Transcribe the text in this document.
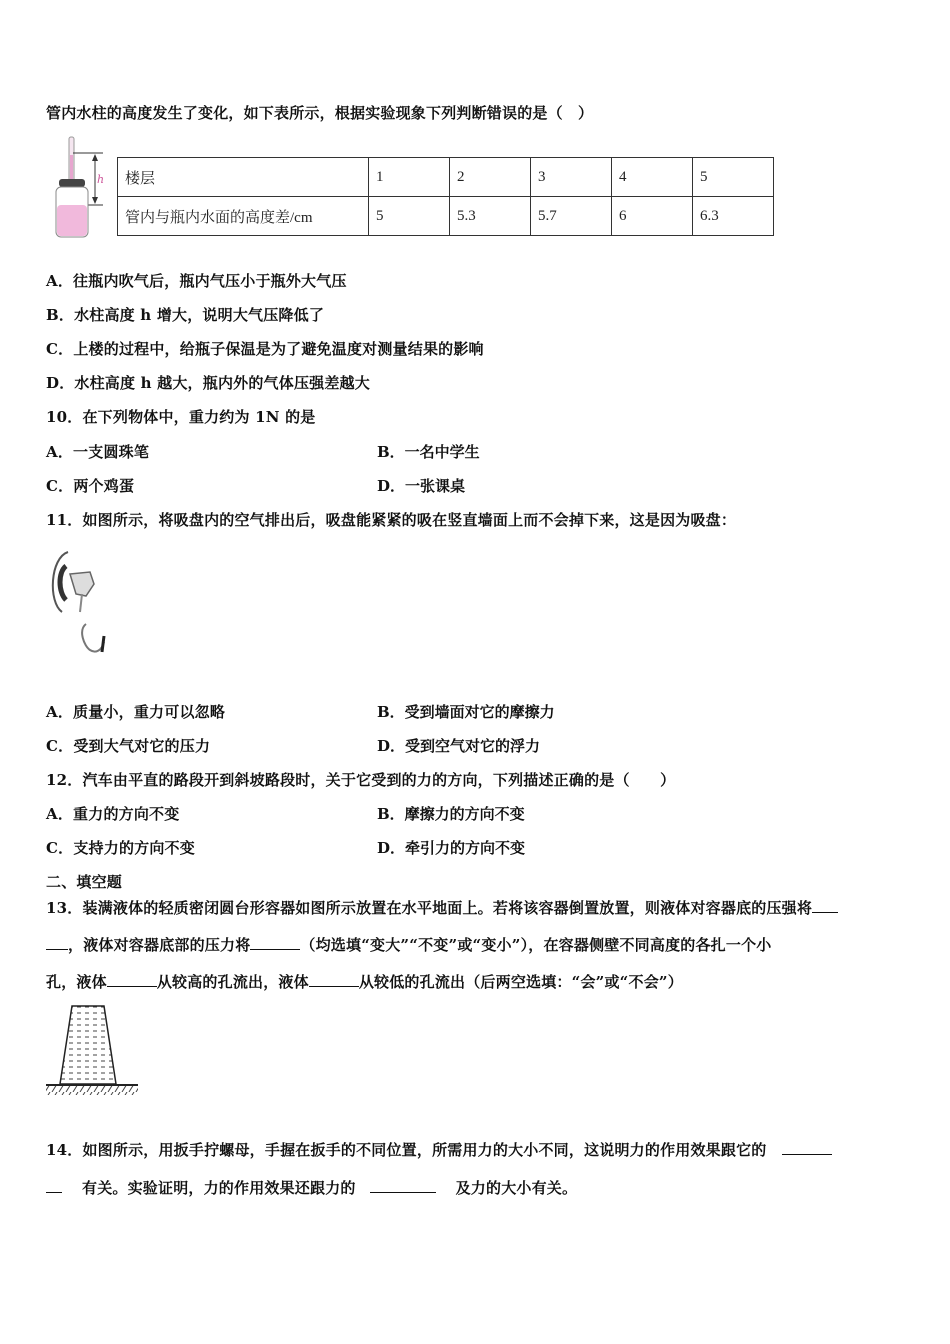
管内水柱的高度发生了变化，如下表所示，根据实验现象下列判断错误的是（　）
h 楼层	1	2	3	4	5
管内与瓶内水面的高度差/cm	5	5.3	5.7	6	6.3
A．往瓶内吹气后，瓶内气压小于瓶外大气压
B．水柱高度 h 增大，说明大气压降低了
C．上楼的过程中，给瓶子保温是为了避免温度对测量结果的影响
D．水柱高度 h 越大，瓶内外的气体压强差越大
10．在下列物体中，重力约为 1N 的是
A．一支圆珠笔	B．一名中学生
C．两个鸡蛋	D．一张课桌
11．如图所示，将吸盘内的空气排出后，吸盘能紧紧的吸在竖直墙面上而不会掉下来，这是因为吸盘：
A．质量小，重力可以忽略	B．受到墙面对它的摩擦力
C．受到大气对它的压力	D．受到空气对它的浮力
12．汽车由平直的路段开到斜坡路段时，关于它受到的力的方向，下列描述正确的是（　　）
A．重力的方向不变	B．摩擦力的方向不变
C．支持力的方向不变	D．牵引力的方向不变
二、填空题
13．装满液体的轻质密闭圆台形容器如图所示放置在水平地面上。若将该容器倒置放置，则液体对容器底的压强将
，液体对容器底部的压力将	（均选填“变大”“不变”或“变小”），在容器侧壁不同高度的各扎一个小
孔，液体	从较高的孔流出，液体	从较低的孔流出（后两空选填：“会”或“不会”）
14．如图所示，用扳手拧螺母，手握在扳手的不同位置，所需用力的大小不同，这说明力的作用效果跟它的
有关。实验证明，力的作用效果还跟力的	及力的大小有关。
